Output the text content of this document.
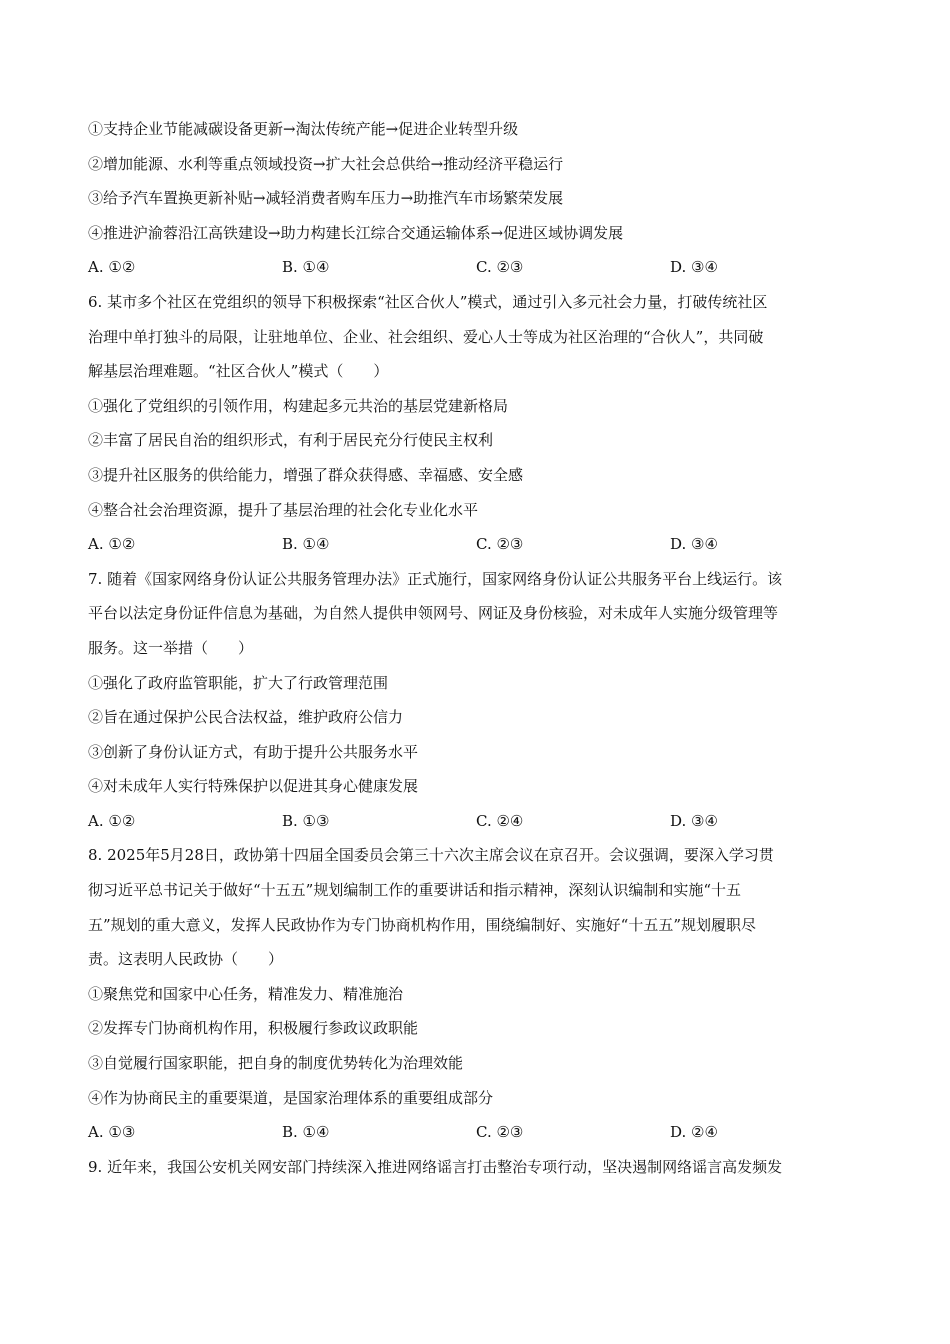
①支持企业节能减碳设备更新→淘汰传统产能→促进企业转型升级
②增加能源、水利等重点领域投资→扩大社会总供给→推动经济平稳运行
③给予汽车置换更新补贴→减轻消费者购车压力→助推汽车市场繁荣发展
④推进沪渝蓉沿江高铁建设→助力构建长江综合交通运输体系→促进区域协调发展
A. ①②	B. ①④	C. ②③	D. ③④
6. 某市多个社区在党组织的领导下积极探索“社区合伙人”模式，通过引入多元社会力量，打破传统社区
治理中单打独斗的局限，让驻地单位、企业、社会组织、爱心人士等成为社区治理的“合伙人”，共同破
解基层治理难题。“社区合伙人”模式（　　）
①强化了党组织的引领作用，构建起多元共治的基层党建新格局
②丰富了居民自治的组织形式，有利于居民充分行使民主权利
③提升社区服务的供给能力，增强了群众获得感、幸福感、安全感
④整合社会治理资源，提升了基层治理的社会化专业化水平
A. ①②	B. ①④	C. ②③	D. ③④
7. 随着《国家网络身份认证公共服务管理办法》正式施行，国家网络身份认证公共服务平台上线运行。该
平台以法定身份证件信息为基础，为自然人提供申领网号、网证及身份核验，对未成年人实施分级管理等
服务。这一举措（　　）
①强化了政府监管职能，扩大了行政管理范围
②旨在通过保护公民合法权益，维护政府公信力
③创新了身份认证方式，有助于提升公共服务水平
④对未成年人实行特殊保护以促进其身心健康发展
A. ①②	B. ①③	C. ②④	D. ③④
8. 2025年5月28日，政协第十四届全国委员会第三十六次主席会议在京召开。会议强调，要深入学习贯
彻习近平总书记关于做好“十五五”规划编制工作的重要讲话和指示精神，深刻认识编制和实施“十五
五”规划的重大意义，发挥人民政协作为专门协商机构作用，围绕编制好、实施好“十五五”规划履职尽
责。这表明人民政协（　　）
①聚焦党和国家中心任务，精准发力、精准施治
②发挥专门协商机构作用，积极履行参政议政职能
③自觉履行国家职能，把自身的制度优势转化为治理效能
④作为协商民主的重要渠道，是国家治理体系的重要组成部分
A. ①③	B. ①④	C. ②③	D. ②④
9. 近年来，我国公安机关网安部门持续深入推进网络谣言打击整治专项行动，坚决遏制网络谣言高发频发
